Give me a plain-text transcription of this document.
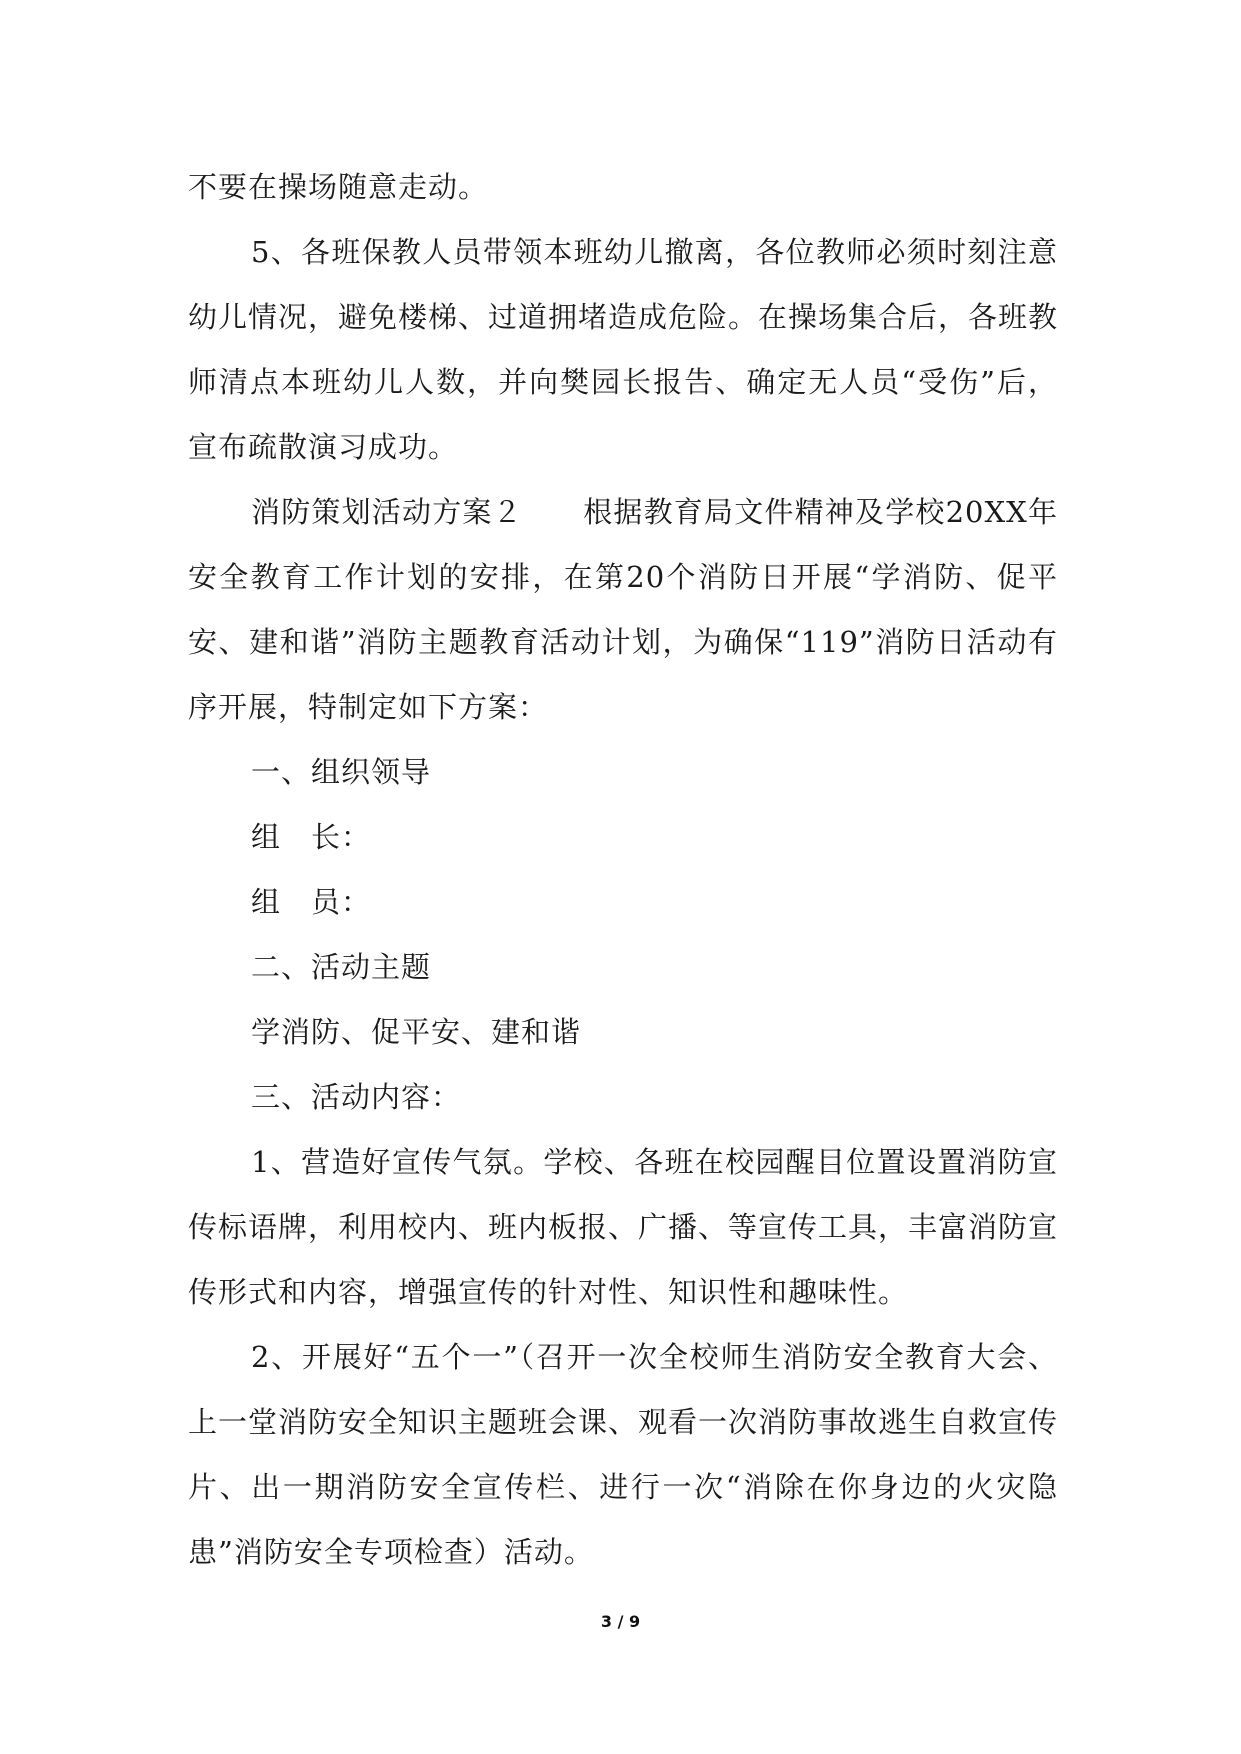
不要在操场随意走动。

5、各班保教人员带领本班幼儿撤离，各位教师必须时刻注意幼儿情况，避免楼梯、过道拥堵造成危险。在操场集合后，各班教师清点本班幼儿人数，并向樊园长报告、确定无人员“受伤”后，宣布疏散演习成功。

消防策划活动方案２　　根据教育局文件精神及学校20XX年安全教育工作计划的安排，在第20个消防日开展“学消防、促平安、建和谐”消防主题教育活动计划，为确保“119”消防日活动有序开展，特制定如下方案：

一、组织领导

组　长：

组　员：

二、活动主题

学消防、促平安、建和谐

三、活动内容：

1、营造好宣传气氛。学校、各班在校园醒目位置设置消防宣传标语牌，利用校内、班内板报、广播、等宣传工具，丰富消防宣传形式和内容，增强宣传的针对性、知识性和趣味性。

2、开展好“五个一”（召开一次全校师生消防安全教育大会、上一堂消防安全知识主题班会课、观看一次消防事故逃生自救宣传片、出一期消防安全宣传栏、进行一次“消除在你身边的火灾隐患”消防安全专项检查）活动。

3 / 9
